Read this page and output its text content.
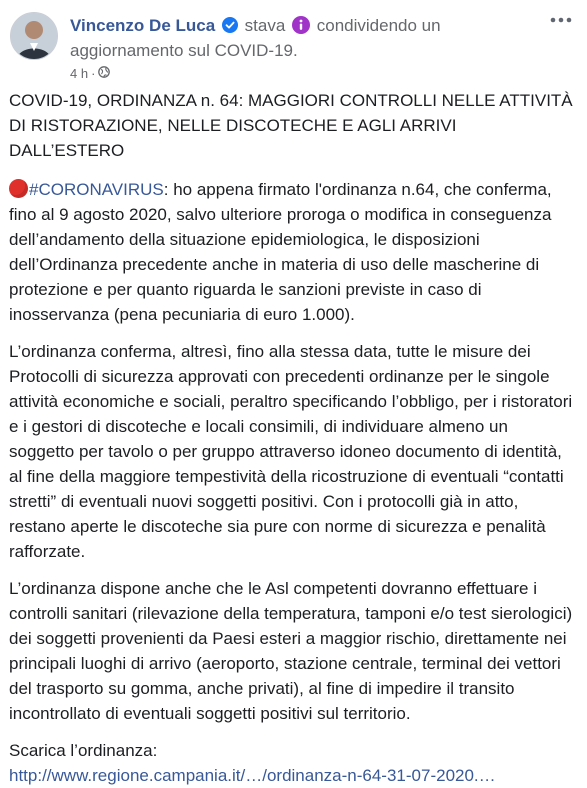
Vincenzo De Luca stava condividendo un aggiornamento sul COVID-19.
4 h ·

COVID-19, ORDINANZA n. 64: MAGGIORI CONTROLLI NELLE ATTIVITÀ DI RISTORAZIONE, NELLE DISCOTECHE E AGLI ARRIVI DALL’ESTERO

#CORONAVIRUS: ho appena firmato l'ordinanza n.64, che conferma, fino al 9 agosto 2020, salvo ulteriore proroga o modifica in conseguenza dell’andamento della situazione epidemiologica, le disposizioni dell’Ordinanza precedente anche in materia di uso delle mascherine di protezione e per quanto riguarda le sanzioni previste in caso di inosservanza (pena pecuniaria di euro 1.000).

L’ordinanza conferma, altresì, fino alla stessa data, tutte le misure dei Protocolli di sicurezza approvati con precedenti ordinanze per le singole attività economiche e sociali, peraltro specificando l’obbligo, per i ristoratori e i gestori di discoteche e locali consimili, di individuare almeno un soggetto per tavolo o per gruppo attraverso idoneo documento di identità, al fine della maggiore tempestività della ricostruzione di eventuali “contatti stretti” di eventuali nuovi soggetti positivi. Con i protocolli già in atto, restano aperte le discoteche sia pure con norme di sicurezza e penalità rafforzate.

L’ordinanza dispone anche che le Asl competenti dovranno effettuare i controlli sanitari (rilevazione della temperatura, tamponi e/o test sierologici) dei soggetti provenienti da Paesi esteri a maggior rischio, direttamente nei principali luoghi di arrivo (aeroporto, stazione centrale, terminal dei vettori del trasporto su gomma, anche privati), al fine di impedire il transito incontrollato di eventuali soggetti positivi sul territorio.

Scarica l’ordinanza:
http://www.regione.campania.it/…/ordinanza-n-64-31-07-2020.…
